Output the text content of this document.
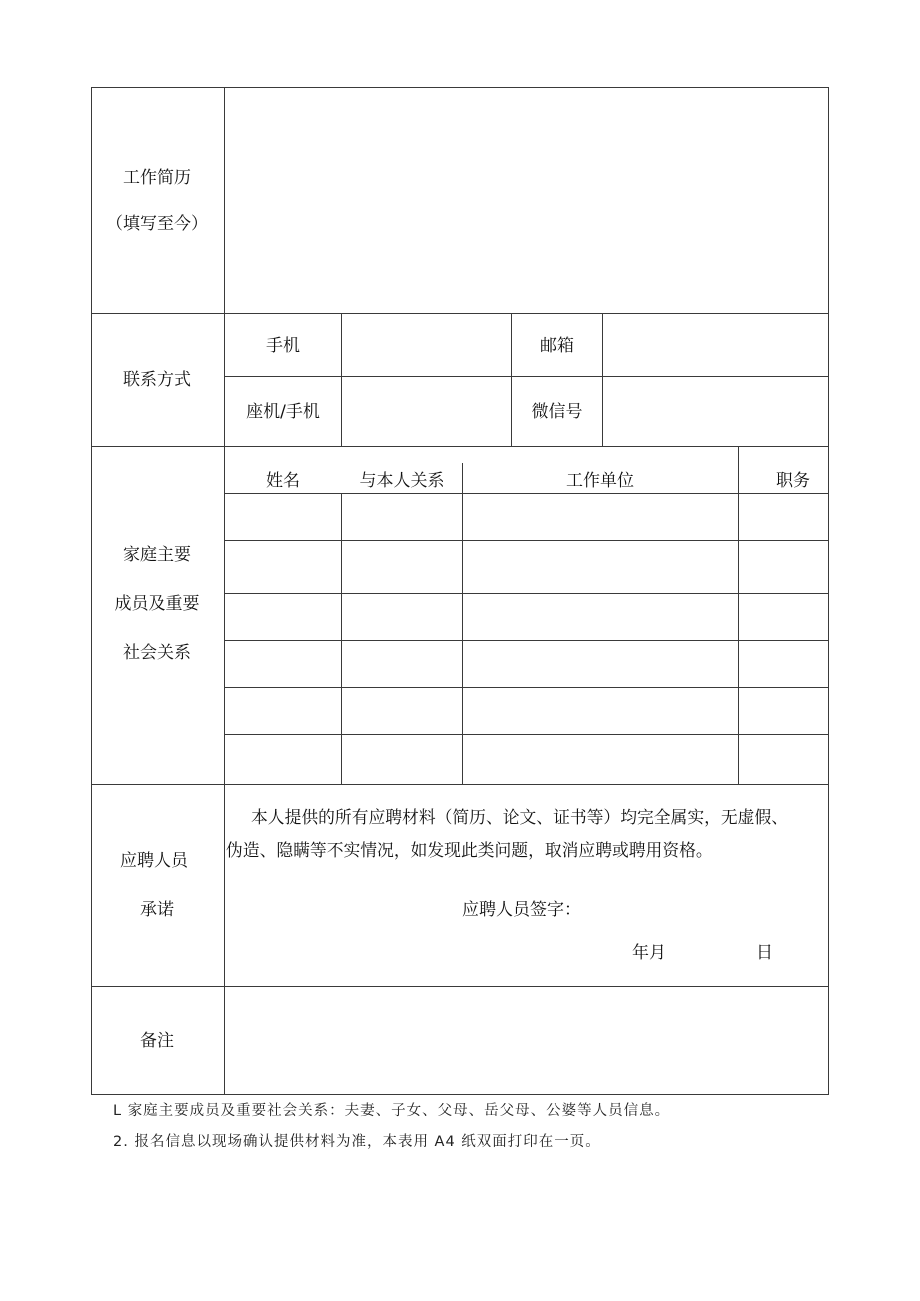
工作简历
（填写至今）
联系方式
手机	邮箱
座机/手机	微信号
家庭主要
成员及重要
社会关系
姓名	与本人关系	工作单位	职务
应聘人员
承诺
本人提供的所有应聘材料（简历、论文、证书等）均完全属实，无虚假、
伪造、隐瞒等不实情况，如发现此类问题，取消应聘或聘用资格。
应聘人员签字：
年月	日
备注
L 家庭主要成员及重要社会关系：夫妻、子女、父母、岳父母、公婆等人员信息。
2. 报名信息以现场确认提供材料为准，本表用 A4 纸双面打印在一页。
